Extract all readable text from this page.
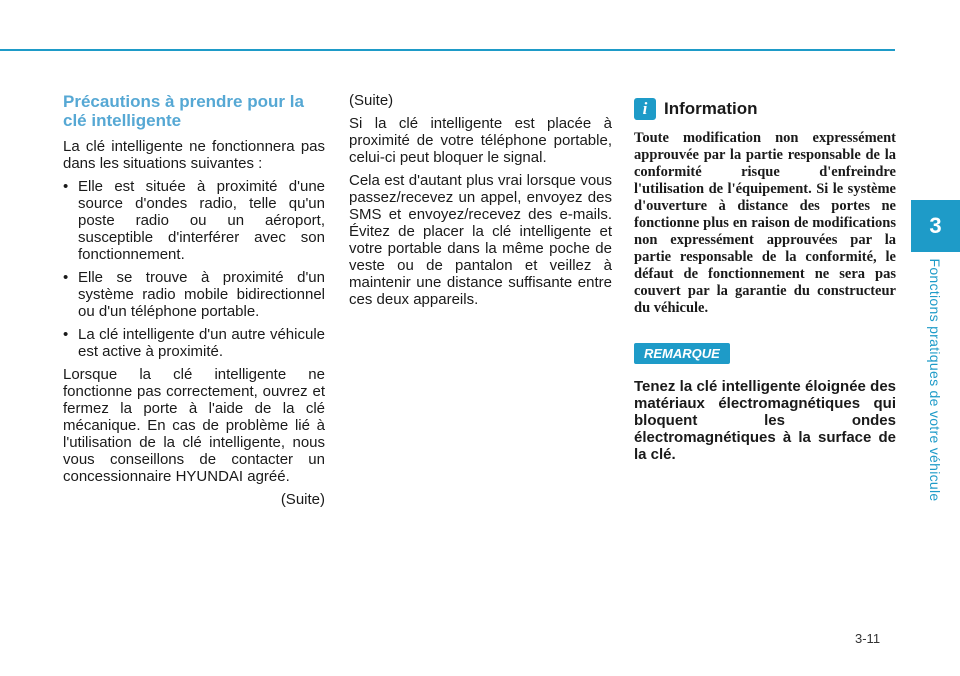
3
Fonctions pratiques de votre véhicule
Précautions à prendre pour la clé intelligente

La clé intelligente ne fonctionnera pas dans les situations suivantes :

• Elle est située à proximité d'une source d'ondes radio, telle qu'un poste radio ou un aéroport, susceptible d'interférer avec son fonctionnement.
• Elle se trouve à proximité d'un système radio mobile bidirectionnel ou d'un téléphone portable.
• La clé intelligente d'un autre véhicule est active à proximité.

Lorsque la clé intelligente ne fonctionne pas correctement, ouvrez et fermez la porte à l'aide de la clé mécanique. En cas de problème lié à l'utilisation de la clé intelligente, nous vous conseillons de contacter un concessionnaire HYUNDAI agréé.

(Suite)

(Suite)

Si la clé intelligente est placée à proximité de votre téléphone portable, celui-ci peut bloquer le signal.

Cela est d'autant plus vrai lorsque vous passez/recevez un appel, envoyez des SMS et envoyez/recevez des e-mails. Évitez de placer la clé intelligente et votre portable dans la même poche de veste ou de pantalon et veillez à maintenir une distance suffisante entre ces deux appareils.

i Information

Toute modification non expressément approuvée par la partie responsable de la conformité risque d'enfreindre l'utilisation de l'équipement. Si le système d'ouverture à distance des portes ne fonctionne plus en raison de modifications non expressément approuvées par la partie responsable de la conformité, le défaut de fonctionnement ne sera pas couvert par la garantie du constructeur du véhicule.

REMARQUE

Tenez la clé intelligente éloignée des matériaux électromagnétiques qui bloquent les ondes électromagnétiques à la surface de la clé.

3-11
